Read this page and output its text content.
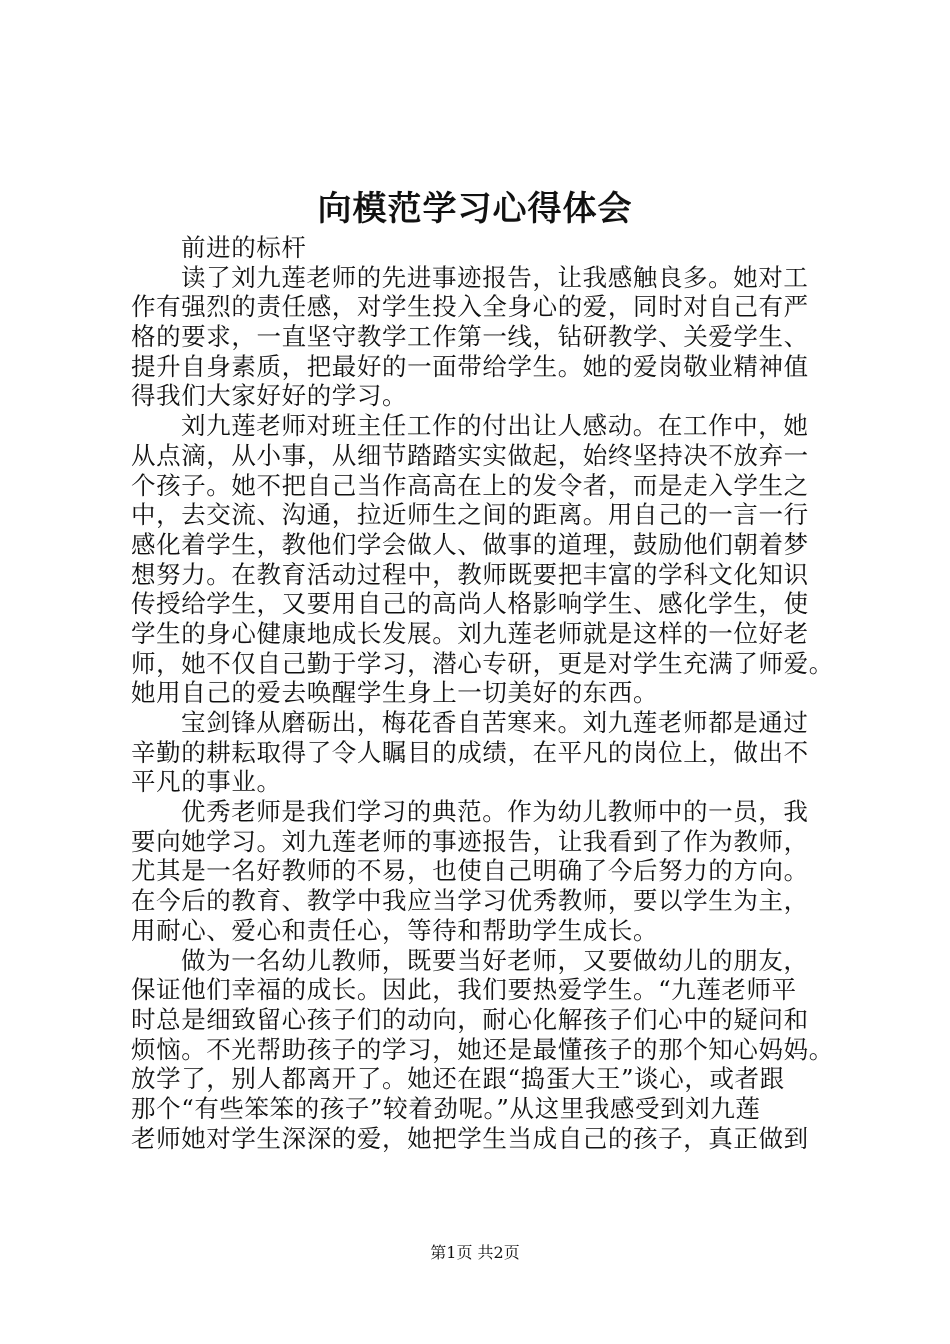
向模范学习心得体会
前进的标杆
读了刘九莲老师的先进事迹报告，让我感触良多。她对工
作有强烈的责任感，对学生投入全身心的爱，同时对自己有严
格的要求，一直坚守教学工作第一线，钻研教学、关爱学生、
提升自身素质，把最好的一面带给学生。她的爱岗敬业精神值
得我们大家好好的学习。
刘九莲老师对班主任工作的付出让人感动。在工作中，她
从点滴，从小事，从细节踏踏实实做起，始终坚持决不放弃一
个孩子。她不把自己当作高高在上的发令者，而是走入学生之
中，去交流、沟通，拉近师生之间的距离。用自己的一言一行
感化着学生，教他们学会做人、做事的道理，鼓励他们朝着梦
想努力。在教育活动过程中，教师既要把丰富的学科文化知识
传授给学生，又要用自己的高尚人格影响学生、感化学生，使
学生的身心健康地成长发展。刘九莲老师就是这样的一位好老
师，她不仅自己勤于学习，潜心专研，更是对学生充满了师爱。
她用自己的爱去唤醒学生身上一切美好的东西。
宝剑锋从磨砺出，梅花香自苦寒来。刘九莲老师都是通过
辛勤的耕耘取得了令人瞩目的成绩，在平凡的岗位上，做出不
平凡的事业。
优秀老师是我们学习的典范。作为幼儿教师中的一员，我
要向她学习。刘九莲老师的事迹报告，让我看到了作为教师，
尤其是一名好教师的不易，也使自己明确了今后努力的方向。
在今后的教育、教学中我应当学习优秀教师，要以学生为主，
用耐心、爱心和责任心，等待和帮助学生成长。
做为一名幼儿教师，既要当好老师，又要做幼儿的朋友，
保证他们幸福的成长。因此，我们要热爱学生。“九莲老师平
时总是细致留心孩子们的动向，耐心化解孩子们心中的疑问和
烦恼。不光帮助孩子的学习，她还是最懂孩子的那个知心妈妈。
放学了，别人都离开了。她还在跟“捣蛋大王”谈心，或者跟
那个“有些笨笨的孩子”较着劲呢。”从这里我感受到刘九莲
老师她对学生深深的爱，她把学生当成自己的孩子，真正做到
第1页 共2页
